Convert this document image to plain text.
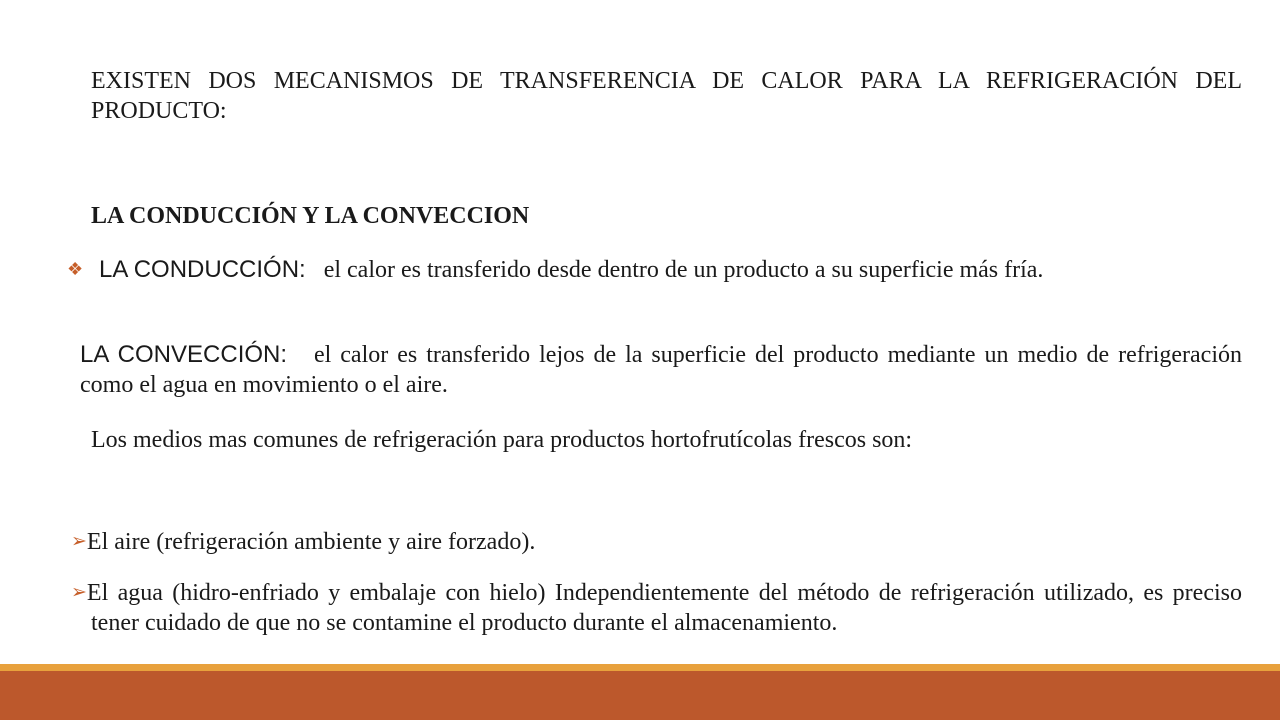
EXISTEN DOS MECANISMOS DE TRANSFERENCIA DE CALOR PARA LA REFRIGERACIÓN DEL PRODUCTO:

LA CONDUCCIÓN Y LA CONVECCION

❖ LA CONDUCCIÓN: el calor es transferido desde dentro de un producto a su superficie más fría.

LA CONVECCIÓN: el calor es transferido lejos de la superficie del producto mediante un medio de refrigeración como el agua en movimiento o el aire.

Los medios mas comunes de refrigeración para productos hortofrutícolas frescos son:

➢El aire (refrigeración ambiente y aire forzado).

➢El agua (hidro-enfriado y embalaje con hielo) Independientemente del método de refrigeración utilizado, es preciso tener cuidado de que no se contamine el producto durante el almacenamiento.
